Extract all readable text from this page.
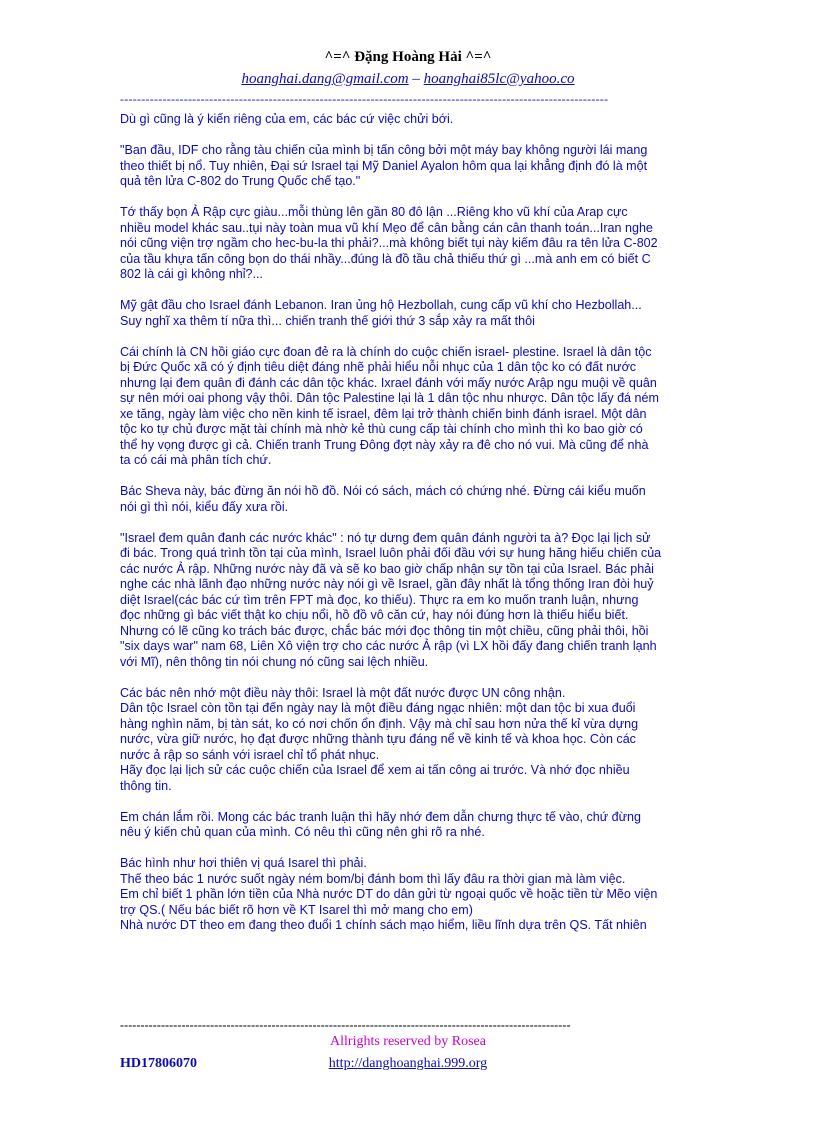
^=^ Đặng Hoàng Hải ^=^
hoanghai.dang@gmail.com – hoanghai85lc@yahoo.co
-------------------------------------------------------------------------------------------------------------------

Dù gì cũng là ý kiến riêng của em, các bác cứ việc chửi bới.

"Ban đầu, IDF cho rằng tàu chiến của mình bị tấn công bởi một máy bay không người lái mang
theo thiết bị nổ. Tuy nhiên, Đại sứ Israel tại Mỹ Daniel Ayalon hôm qua lại khẳng định đó là một
quả tên lửa C-802 do Trung Quốc chế tạo."

Tớ thấy bọn Ả Rập cực giàu...mỗi thùng lên gần 80 đô lận ...Riêng kho vũ khí của Arap cực
nhiều model khác sau..tụi này toàn mua vũ khí Mẹo để cân bằng cán cân thanh toán...Iran nghe
nói cũng viện trợ ngầm cho hec-bu-la thi phải?...mà không biết tụi này kiếm đâu ra tên lửa C-802
của tầu khựa tấn công bọn do thái nhầy...đúng là đồ tầu chả thiếu thứ gì ...mà anh em có biết C
802 là cái gì không nhỉ?...

Mỹ gật đầu cho Israel đánh Lebanon. Iran ủng hộ Hezbollah, cung cấp vũ khí cho Hezbollah...
Suy nghĩ xa thêm tí nữa thì... chiến tranh thế giới thứ 3 sắp xảy ra mất thôi

Cái chính là CN hồi giáo cực đoan đẻ ra là chính do cuộc chiến israel- plestine. Israel là dân tộc
bị Đức Quốc xã có ý định tiêu diệt đáng nhẽ phải hiểu nỗi nhục của 1 dân tộc ko có đất nước
nhưng lại đem quân đi đánh các dân tộc khác. Ixrael đánh với mấy nước Arập ngu muội về quân
sự nên mới oai phong vậy thôi. Dân tộc Palestine lại là 1 dân tộc nhu nhược. Dân tộc lấy đá ném
xe tăng, ngày làm việc cho nền kinh tế israel, đêm lại trở thành chiến binh đánh israel. Một dân
tộc ko tự chủ được mặt tài chính mà nhờ kẻ thù cung cấp tài chính cho mình thì ko bao giờ có
thể hy vọng được gì cả. Chiến tranh Trung Đông đợt này xảy ra đê cho nó vui. Mà cũng để nhà
ta có cái mà phân tích chứ.

Bác Sheva này, bác đừng ăn nói hồ đồ. Nói có sách, mách có chứng nhé. Đừng cái kiểu muốn
nói gì thì nói, kiểu đấy xưa rồi.

"Israel đem quân đanh các nước khác" : nó tự dưng đem quân đánh người ta à? Đọc lại lịch sử
đi bác. Trong quá trình tồn tại của mình, Israel luôn phải đối đầu với sự hung hăng hiếu chiến của
các nước Ả rập. Những nước này đã và sẽ ko bao giờ chấp nhận sự tồn tại của Israel. Bác phải
nghe các nhà lãnh đạo những nước này nói gì về Israel, gần đây nhất là tổng thống Iran đòi huỷ
diệt Israel(các bác cứ tìm trên FPT mà đọc, ko thiếu). Thực ra em ko muốn tranh luận, nhưng
đọc những gì bác viết thật ko chịu nổi, hồ đồ vô căn cứ, hay nói đúng hơn là thiếu hiểu biết.
Nhưng có lẽ cũng ko trách bác được, chắc bác mới đọc thông tin một chiều, cũng phải thôi, hồi
"six days war" nam 68, Liên Xô viện trợ cho các nước Ả rập (vì LX hồi đấy đang chiến tranh lạnh
với Mĩ), nên thông tin nói chung nó cũng sai lệch nhiều.

Các bác nên nhớ một điều này thôi: Israel là một đất nước được UN công nhận.
Dân tộc Israel còn tồn tại đến ngày nay là một điều đáng ngạc nhiên: một dan tộc bi xua đuổi
hàng nghìn năm, bị tàn sát, ko có nơi chốn ổn định. Vậy mà chỉ sau hơn nửa thế kỉ vừa dựng
nước, vừa giữ nước, họ đạt được những thành tựu đáng nể về kinh tế và khoa học. Còn các
nước ả rập so sánh với israel chỉ tổ phát nhục.
Hãy đọc lại lịch sử các cuộc chiến của Israel để xem ai tấn công ai trước. Và nhớ đọc nhiều
thông tin.

Em chán lắm rồi. Mong các bác tranh luận thì hãy nhớ đem dẫn chưng thực tế vào, chứ đừng
nêu ý kiến chủ quan của mình. Có nêu thì cũng nên ghi rõ ra nhé.

Bác hình như hơi thiên vị quá Isarel thì phải.
Thế theo bác 1 nước suốt ngày ném bom/bị đánh bom thì lấy đâu ra thời gian mà làm việc.
Em chỉ biết 1 phần lớn tiền của Nhà nước DT do dân gửi từ ngoại quốc về hoặc tiền từ Mẽo viện
trợ QS.( Nếu bác biết rõ hơn về KT Isarel thì mở mang cho em)
Nhà nước DT theo em đang theo đuổi 1 chính sách mạo hiểm, liều lĩnh dựa trên QS. Tất nhiên

--------------------------------------------------------------------------------------------------------------
Allrights reserved by Rosea
HD17806070	http://danghoanghai.999.org
